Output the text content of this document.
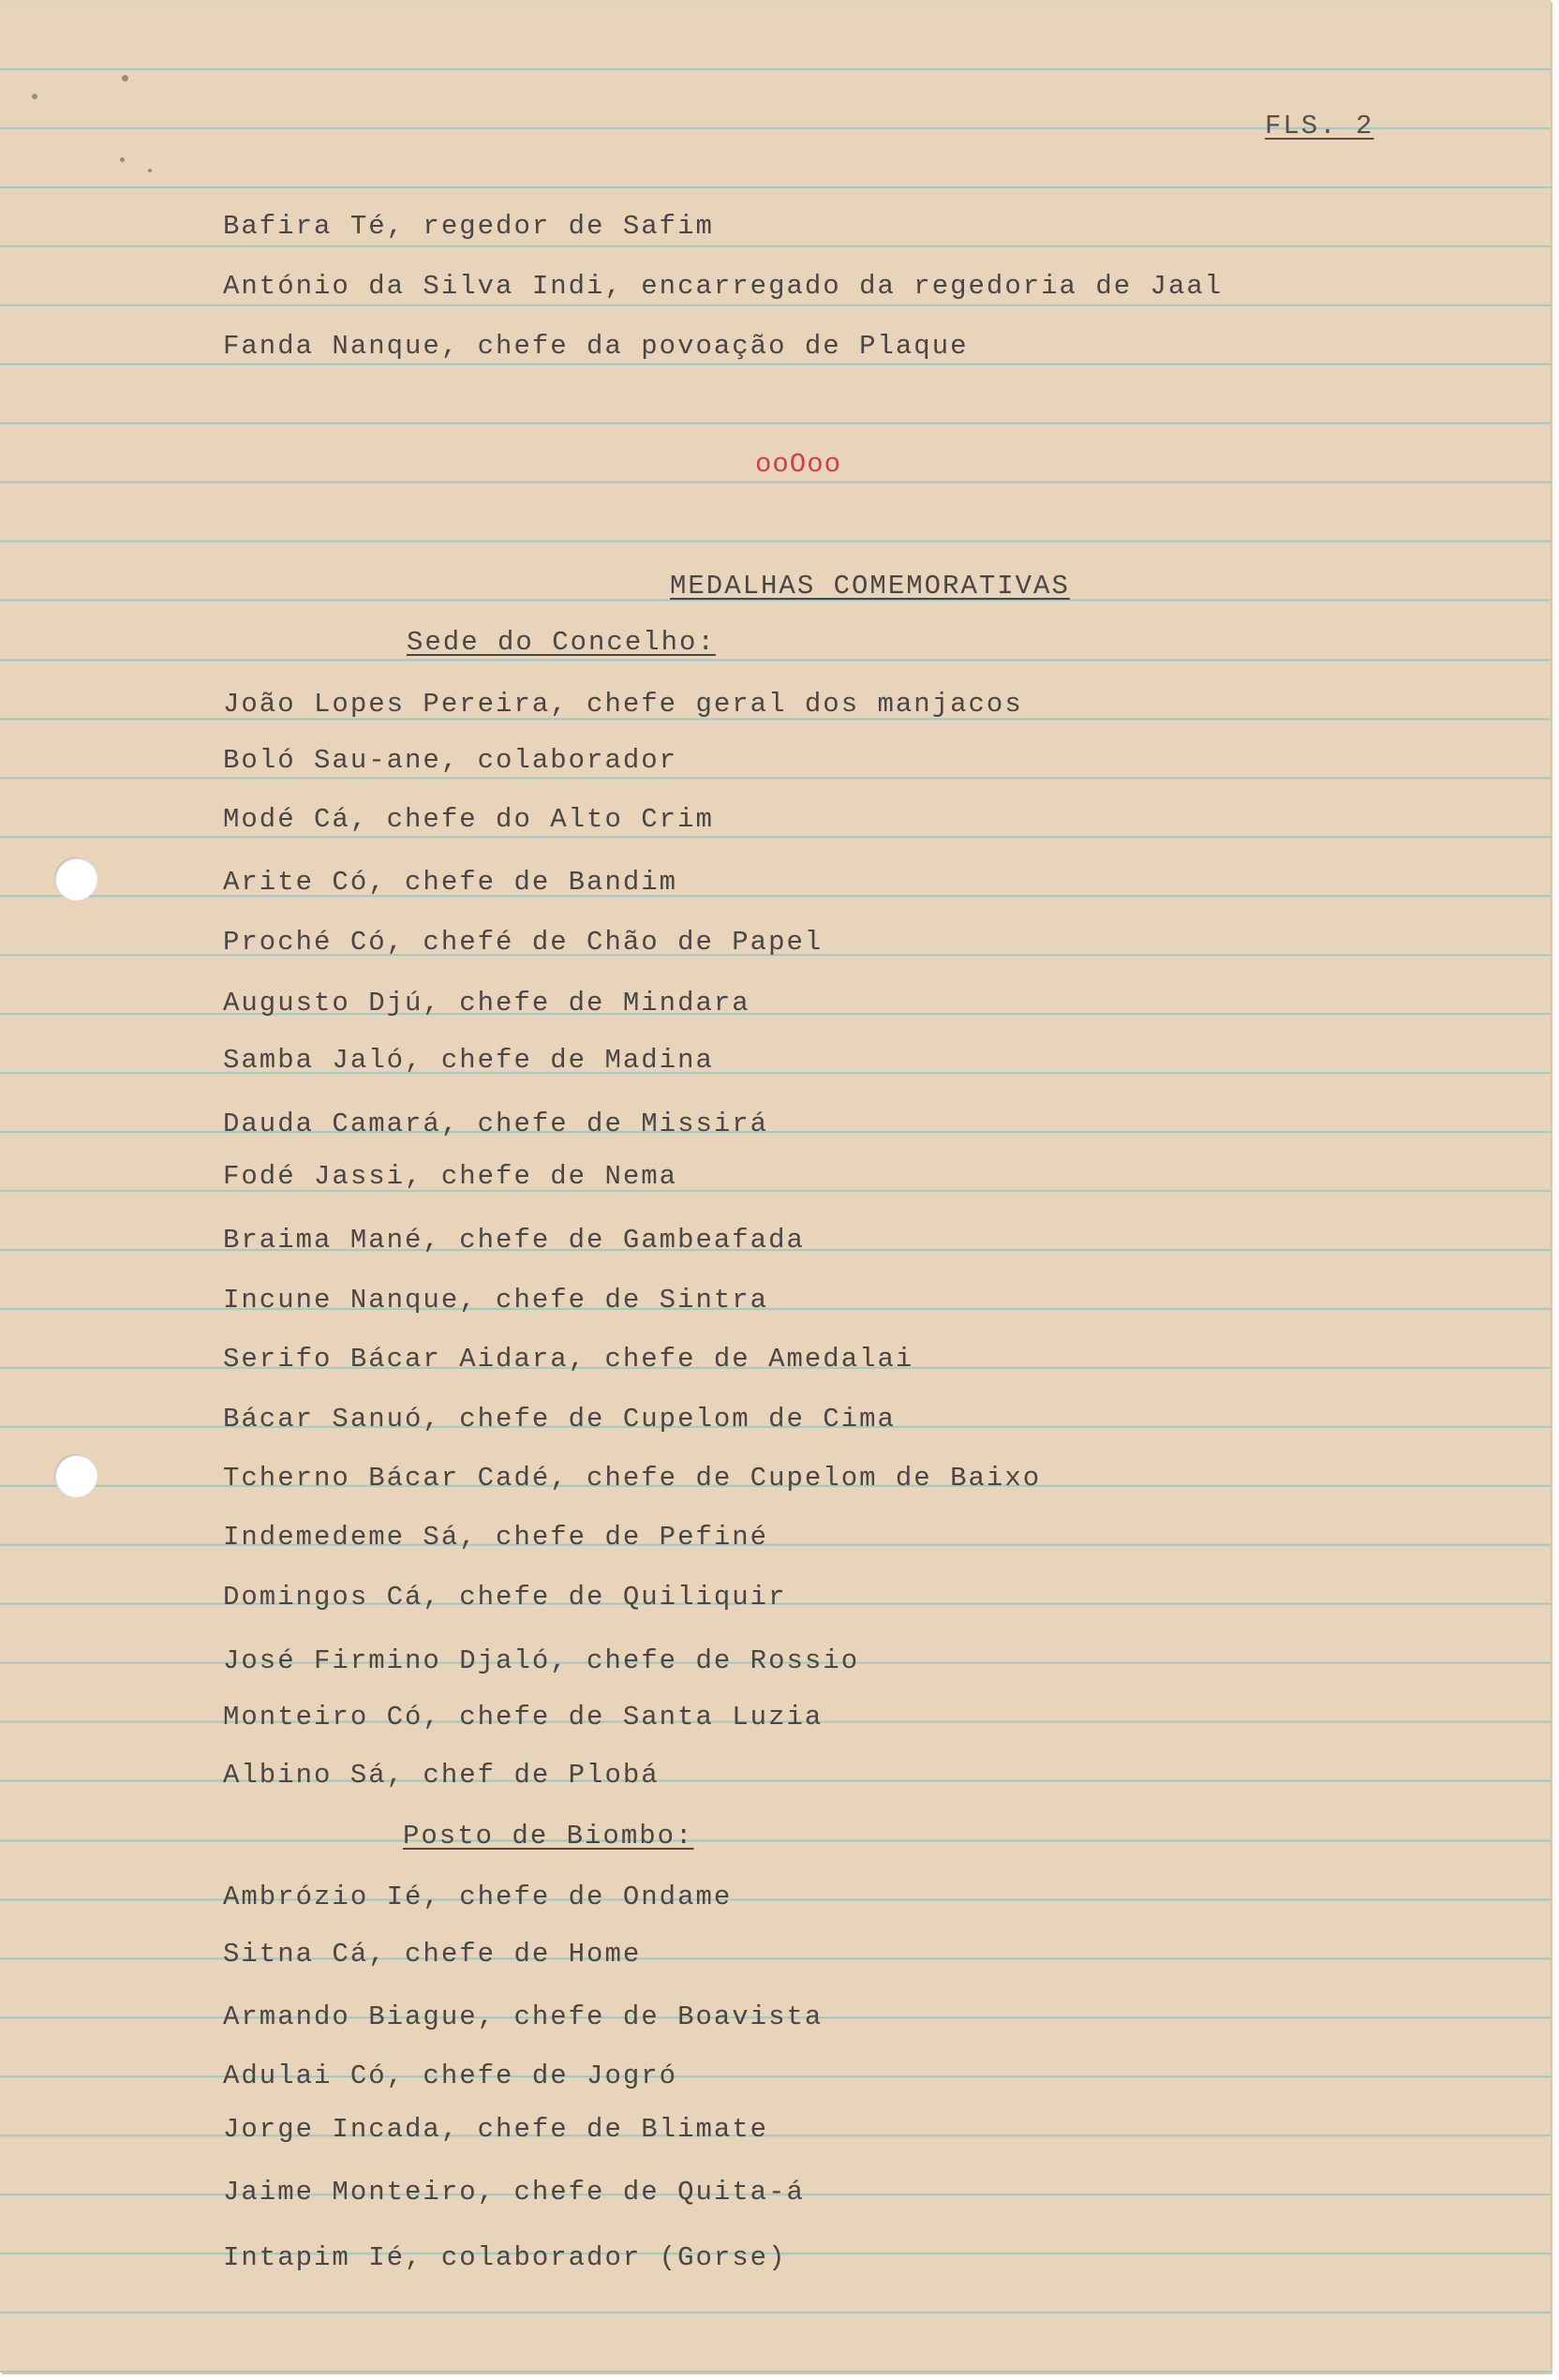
FLS. 2

Bafira Té, regedor de Safim

António da Silva Indi, encarregado da regedoria de Jaal

Fanda Nanque, chefe da povoação de Plaque

ooOoo

MEDALHAS COMEMORATIVAS

Sede do Concelho:

João Lopes Pereira, chefe geral dos manjacos

Boló Sau-ane, colaborador

Modé Cá, chefe do Alto Crim

Arite Có, chefe de Bandim

Proché Có, chefé de Chão de Papel

Augusto Djú, chefe de Mindara

Samba Jaló, chefe de Madina

Dauda Camará, chefe de Missirá

Fodé Jassi, chefe de Nema

Braima Mané, chefe de Gambeafada

Incune Nanque, chefe de Sintra

Serifo Bácar Aidara, chefe de Amedalai

Bácar Sanuó, chefe de Cupelom de Cima

Tcherno Bácar Cadé, chefe de Cupelom de Baixo

Indemedeme Sá, chefe de Pefiné

Domingos Cá, chefe de Quiliquir

José Firmino Djaló, chefe de Rossio

Monteiro Có, chefe de Santa Luzia

Albino Sá, chef de Plobá

Posto de Biombo:

Ambrózio Ié, chefe de Ondame

Sitna Cá, chefe de Home

Armando Biague, chefe de Boavista

Adulai Có, chefe de Jogró

Jorge Incada, chefe de Blimate

Jaime Monteiro, chefe de Quita-á

Intapim Ié, colaborador (Gorse)
